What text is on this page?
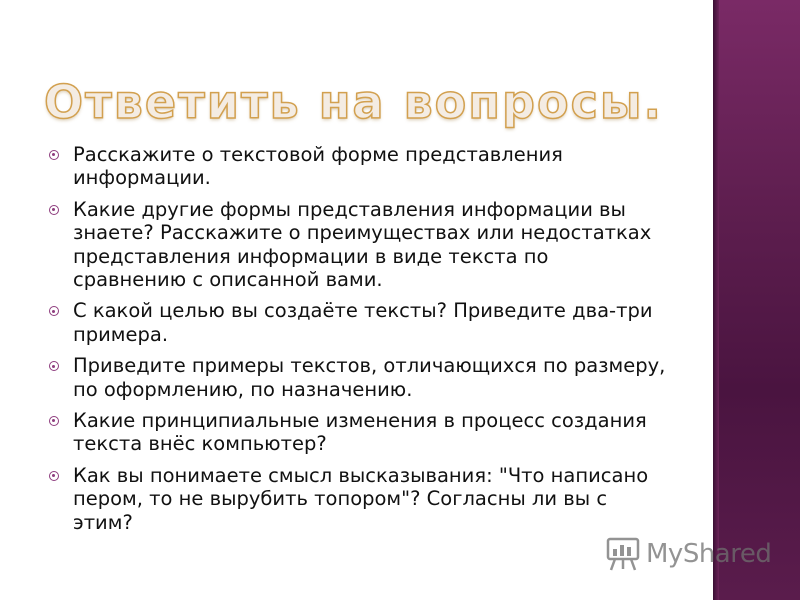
Ответить на вопросы.
Расскажите о текстовой форме представления информации.
Какие другие формы представления информации вы знаете? Расскажите о преимуществах или недостатках представления информации в виде текста по сравнению с описанной вами.
С какой целью вы создаёте тексты? Приведите два-три примера.
Приведите примеры текстов, отличающихся по размеру, по оформлению, по назначению.
Какие принципиальные изменения в процесс создания текста внёс компьютер?
Как вы понимаете смысл высказывания: "Что написано пером, то не вырубить топором"? Согласны ли вы с этим?
MyShared
